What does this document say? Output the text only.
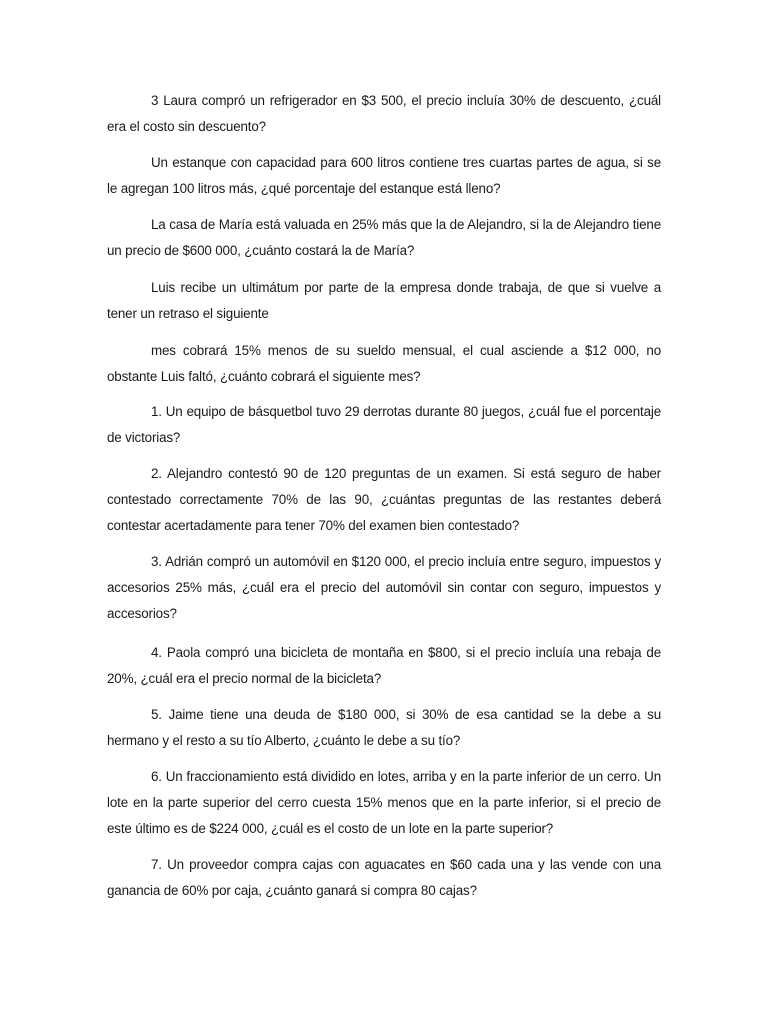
3 Laura compró un refrigerador en $3 500, el precio incluía 30% de descuento, ¿cuál era el costo sin descuento?

Un estanque con capacidad para 600 litros contiene tres cuartas partes de agua, si se le agregan 100 litros más, ¿qué porcentaje del estanque está lleno?

La casa de María está valuada en 25% más que la de Alejandro, si la de Alejandro tiene un precio de $600 000, ¿cuánto costará la de María?

Luis recibe un ultimátum por parte de la empresa donde trabaja, de que si vuelve a tener un retraso el siguiente

mes cobrará 15% menos de su sueldo mensual, el cual asciende a $12 000, no obstante Luis faltó, ¿cuánto cobrará el siguiente mes?

1. Un equipo de básquetbol tuvo 29 derrotas durante 80 juegos, ¿cuál fue el porcentaje de victorias?

2. Alejandro contestó 90 de 120 preguntas de un examen. Si está seguro de haber contestado correctamente 70% de las 90, ¿cuántas preguntas de las restantes deberá contestar acertadamente para tener 70% del examen bien contestado?

3. Adrián compró un automóvil en $120 000, el precio incluía entre seguro, impuestos y accesorios 25% más, ¿cuál era el precio del automóvil sin contar con seguro, impuestos y accesorios?

4. Paola compró una bicicleta de montaña en $800, si el precio incluía una rebaja de 20%, ¿cuál era el precio normal de la bicicleta?

5. Jaime tiene una deuda de $180 000, si 30% de esa cantidad se la debe a su hermano y el resto a su tío Alberto, ¿cuánto le debe a su tío?

6. Un fraccionamiento está dividido en lotes, arriba y en la parte inferior de un cerro. Un lote en la parte superior del cerro cuesta 15% menos que en la parte inferior, si el precio de este último es de $224 000, ¿cuál es el costo de un lote en la parte superior?

7. Un proveedor compra cajas con aguacates en $60 cada una y las vende con una ganancia de 60% por caja, ¿cuánto ganará si compra 80 cajas?
